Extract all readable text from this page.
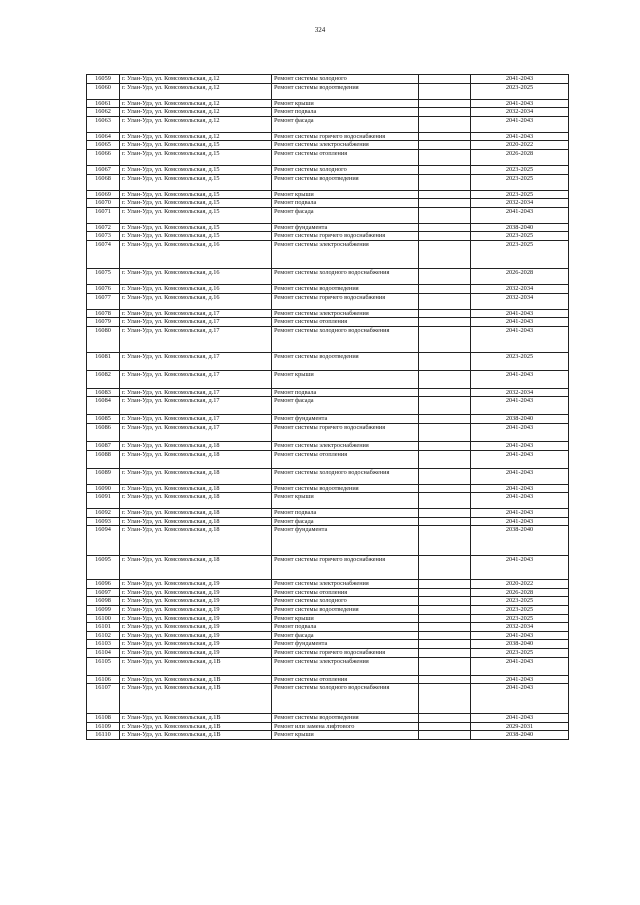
324
16059	г. Улан-Удэ, ул. Комсомольская, д.12	Ремонт системы холодного		2041-2043
16060	г. Улан-Удэ, ул. Комсомольская, д.12	Ремонт системы водоотведения		2023-2025
16061	г. Улан-Удэ, ул. Комсомольская, д.12	Ремонт крыши		2041-2043
16062	г. Улан-Удэ, ул. Комсомольская, д.12	Ремонт подвала		2032-2034
16063	г. Улан-Удэ, ул. Комсомольская, д.12	Ремонт фасада		2041-2043
16064	г. Улан-Удэ, ул. Комсомольская, д.12	Ремонт системы горячего водоснабжения		2041-2043
16065	г. Улан-Удэ, ул. Комсомольская, д.15	Ремонт системы электроснабжения		2020-2022
16066	г. Улан-Удэ, ул. Комсомольская, д.15	Ремонт системы отопления		2026-2028
16067	г. Улан-Удэ, ул. Комсомольская, д.15	Ремонт системы холодного		2023-2025
16068	г. Улан-Удэ, ул. Комсомольская, д.15	Ремонт системы водоотведения		2023-2025
16069	г. Улан-Удэ, ул. Комсомольская, д.15	Ремонт крыши		2023-2025
16070	г. Улан-Удэ, ул. Комсомольская, д.15	Ремонт подвала		2032-2034
16071	г. Улан-Удэ, ул. Комсомольская, д.15	Ремонт фасада		2041-2043
16072	г. Улан-Удэ, ул. Комсомольская, д.15	Ремонт фундамента		2038-2040
16073	г. Улан-Удэ, ул. Комсомольская, д.15	Ремонт системы горячего водоснабжения		2023-2025
16074	г. Улан-Удэ, ул. Комсомольская, д.16	Ремонт системы электроснабжения		2023-2025
16075	г. Улан-Удэ, ул. Комсомольская, д.16	Ремонт системы холодного водоснабжения		2026-2028
16076	г. Улан-Удэ, ул. Комсомольская, д.16	Ремонт системы водоотведения		2032-2034
16077	г. Улан-Удэ, ул. Комсомольская, д.16	Ремонт системы горячего водоснабжения		2032-2034
16078	г. Улан-Удэ, ул. Комсомольская, д.17	Ремонт системы электроснабжения		2041-2043
16079	г. Улан-Удэ, ул. Комсомольская, д.17	Ремонт системы отопления		2041-2043
16080	г. Улан-Удэ, ул. Комсомольская, д.17	Ремонт системы холодного водоснабжения		2041-2043
16081	г. Улан-Удэ, ул. Комсомольская, д.17	Ремонт системы водоотведения		2023-2025
16082	г. Улан-Удэ, ул. Комсомольская, д.17	Ремонт крыши		2041-2043
16083	г. Улан-Удэ, ул. Комсомольская, д.17	Ремонт подвала		2032-2034
16084	г. Улан-Удэ, ул. Комсомольская, д.17	Ремонт фасада		2041-2043
16085	г. Улан-Удэ, ул. Комсомольская, д.17	Ремонт фундамента		2038-2040
16086	г. Улан-Удэ, ул. Комсомольская, д.17	Ремонт системы горячего водоснабжения		2041-2043
16087	г. Улан-Удэ, ул. Комсомольская, д.18	Ремонт системы электроснабжения		2041-2043
16088	г. Улан-Удэ, ул. Комсомольская, д.18	Ремонт системы отопления		2041-2043
16089	г. Улан-Удэ, ул. Комсомольская, д.18	Ремонт системы холодного водоснабжения		2041-2043
16090	г. Улан-Удэ, ул. Комсомольская, д.18	Ремонт системы водоотведения		2041-2043
16091	г. Улан-Удэ, ул. Комсомольская, д.18	Ремонт крыши		2041-2043
16092	г. Улан-Удэ, ул. Комсомольская, д.18	Ремонт подвала		2041-2043
16093	г. Улан-Удэ, ул. Комсомольская, д.18	Ремонт фасада		2041-2043
16094	г. Улан-Удэ, ул. Комсомольская, д.18	Ремонт фундамента		2038-2040
16095	г. Улан-Удэ, ул. Комсомольская, д.18	Ремонт системы горячего водоснабжения		2041-2043
16096	г. Улан-Удэ, ул. Комсомольская, д.19	Ремонт системы электроснабжения		2020-2022
16097	г. Улан-Удэ, ул. Комсомольская, д.19	Ремонт системы отопления		2026-2028
16098	г. Улан-Удэ, ул. Комсомольская, д.19	Ремонт системы холодного		2023-2025
16099	г. Улан-Удэ, ул. Комсомольская, д.19	Ремонт системы водоотведения		2023-2025
16100	г. Улан-Удэ, ул. Комсомольская, д.19	Ремонт крыши		2023-2025
16101	г. Улан-Удэ, ул. Комсомольская, д.19	Ремонт подвала		2032-2034
16102	г. Улан-Удэ, ул. Комсомольская, д.19	Ремонт фасада		2041-2043
16103	г. Улан-Удэ, ул. Комсомольская, д.19	Ремонт фундамента		2038-2040
16104	г. Улан-Удэ, ул. Комсомольская, д.19	Ремонт системы горячего водоснабжения		2023-2025
16105	г. Улан-Удэ, ул. Комсомольская, д.1В	Ремонт системы электроснабжения		2041-2043
16106	г. Улан-Удэ, ул. Комсомольская, д.1В	Ремонт системы отопления		2041-2043
16107	г. Улан-Удэ, ул. Комсомольская, д.1В	Ремонт системы холодного водоснабжения		2041-2043
16108	г. Улан-Удэ, ул. Комсомольская, д.1В	Ремонт системы водоотведения		2041-2043
16109	г. Улан-Удэ, ул. Комсомольская, д.1В	Ремонт или замена лифтового		2029-2031
16110	г. Улан-Удэ, ул. Комсомольская, д.1В	Ремонт крыши		2038-2040
